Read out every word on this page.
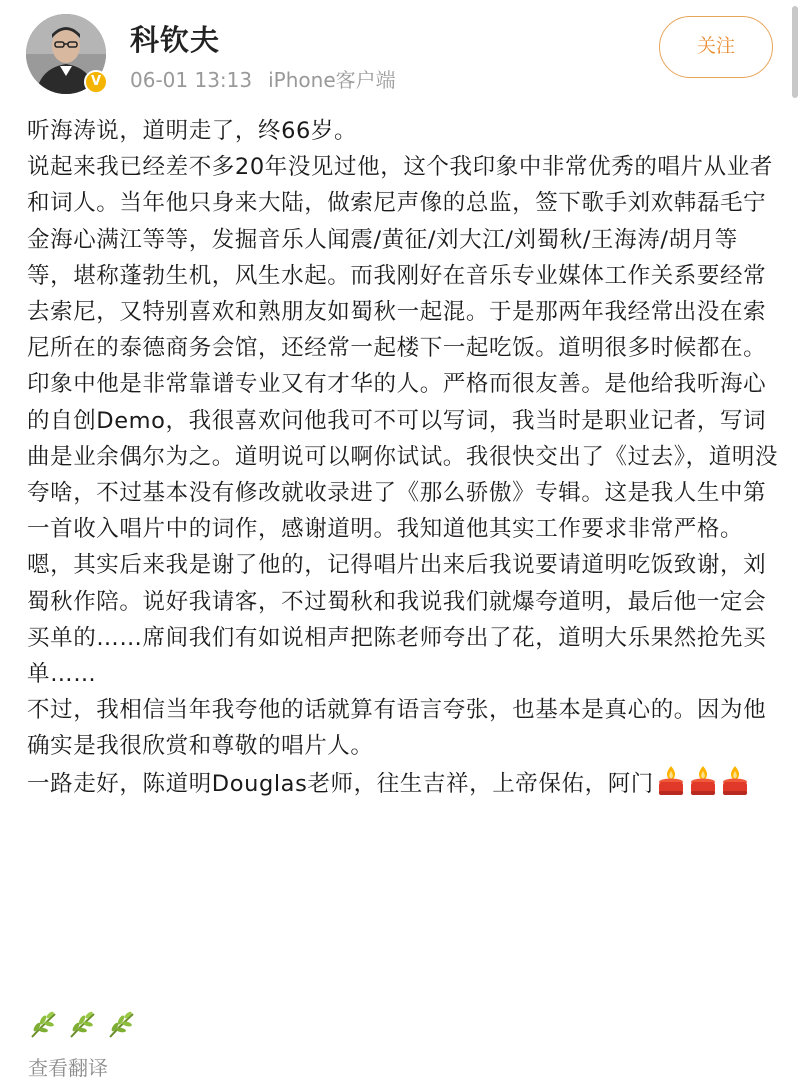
V
科钦夫
06-01 13:13 iPhone客户端
关注

听海涛说，道明走了，终66岁。

说起来我已经差不多20年没见过他，这个我印象中非常优秀的唱片从业者和词人。当年他只身来大陆，做索尼声像的总监，签下歌手刘欢韩磊毛宁金海心满江等等，发掘音乐人闻震/黄征/刘大江/刘蜀秋/王海涛/胡月等等，堪称蓬勃生机，风生水起。而我刚好在音乐专业媒体工作关系要经常去索尼，又特别喜欢和熟朋友如蜀秋一起混。于是那两年我经常出没在索尼所在的泰德商务会馆，还经常一起楼下一起吃饭。道明很多时候都在。

印象中他是非常靠谱专业又有才华的人。严格而很友善。是他给我听海心的自创Demo，我很喜欢问他我可不可以写词，我当时是职业记者，写词曲是业余偶尔为之。道明说可以啊你试试。我很快交出了《过去》，道明没夸啥，不过基本没有修改就收录进了《那么骄傲》专辑。这是我人生中第一首收入唱片中的词作，感谢道明。我知道他其实工作要求非常严格。

嗯，其实后来我是谢了他的，记得唱片出来后我说要请道明吃饭致谢，刘蜀秋作陪。说好我请客，不过蜀秋和我说我们就爆夸道明，最后他一定会买单的……席间我们有如说相声把陈老师夸出了花，道明大乐果然抢先买单……

不过，我相信当年我夸他的话就算有语言夸张，也基本是真心的。因为他确实是我很欣赏和尊敬的唱片人。

一路走好，陈道明Douglas老师，往生吉祥，上帝保佑，阿门

查看翻译
